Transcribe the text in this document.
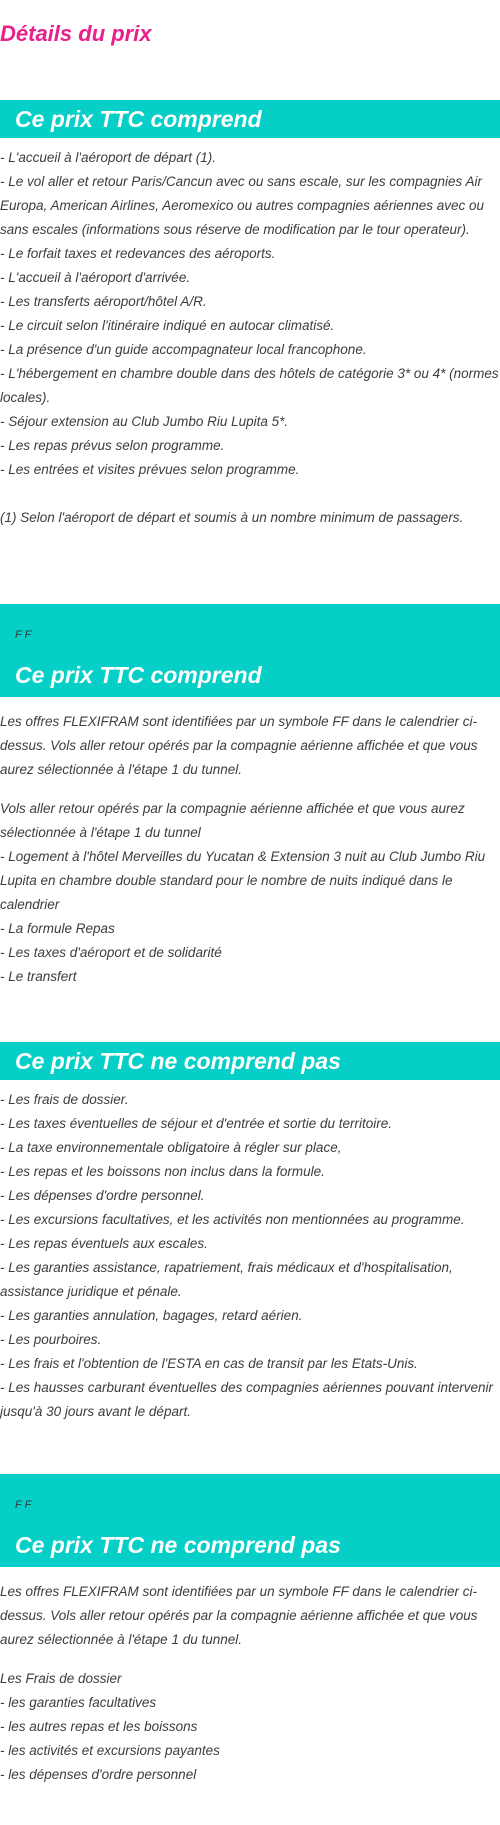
Détails du prix
Ce prix TTC comprend
- L'accueil à l'aéroport de départ (1).
- Le vol aller et retour Paris/Cancun avec ou sans escale, sur les compagnies Air Europa, American Airlines, Aeromexico ou autres compagnies aériennes avec ou sans escales (informations sous réserve de modification par le tour operateur).
- Le forfait taxes et redevances des aéroports.
- L'accueil à l'aéroport d'arrivée.
- Les transferts aéroport/hôtel A/R.
- Le circuit selon l'itinéraire indiqué en autocar climatisé.
- La présence d'un guide accompagnateur local francophone.
- L'hébergement en chambre double dans des hôtels de catégorie 3* ou 4* (normes locales).
- Séjour extension au Club Jumbo Riu Lupita 5*.
- Les repas prévus selon programme.
- Les entrées et visites prévues selon programme.
(1) Selon l'aéroport de départ et soumis à un nombre minimum de passagers.
F F
Ce prix TTC comprend
Les offres FLEXIFRAM sont identifiées par un symbole FF dans le calendrier ci-dessus. Vols aller retour opérés par la compagnie aérienne affichée et que vous aurez sélectionnée à l'étape 1 du tunnel.
Vols aller retour opérés par la compagnie aérienne affichée et que vous aurez sélectionnée à l'étape 1 du tunnel
- Logement à l'hôtel Merveilles du Yucatan & Extension 3 nuit au Club Jumbo Riu Lupita en chambre double standard pour le nombre de nuits indiqué dans le calendrier
- La formule Repas
- Les taxes d'aéroport et de solidarité
- Le transfert
Ce prix TTC ne comprend pas
- Les frais de dossier.
- Les taxes éventuelles de séjour et d'entrée et sortie du territoire.
- La taxe environnementale obligatoire à régler sur place,
- Les repas et les boissons non inclus dans la formule.
- Les dépenses d'ordre personnel.
- Les excursions facultatives, et les activités non mentionnées au programme.
- Les repas éventuels aux escales.
- Les garanties assistance, rapatriement, frais médicaux et d'hospitalisation, assistance juridique et pénale.
- Les garanties annulation, bagages, retard aérien.
- Les pourboires.
- Les frais et l'obtention de l'ESTA en cas de transit par les Etats-Unis.
- Les hausses carburant éventuelles des compagnies aériennes pouvant intervenir jusqu'à 30 jours avant le départ.
F F
Ce prix TTC ne comprend pas
Les offres FLEXIFRAM sont identifiées par un symbole FF dans le calendrier ci-dessus. Vols aller retour opérés par la compagnie aérienne affichée et que vous aurez sélectionnée à l'étape 1 du tunnel.
Les Frais de dossier
- les garanties facultatives
- les autres repas et les boissons
- les activités et excursions payantes
- les dépenses d'ordre personnel
